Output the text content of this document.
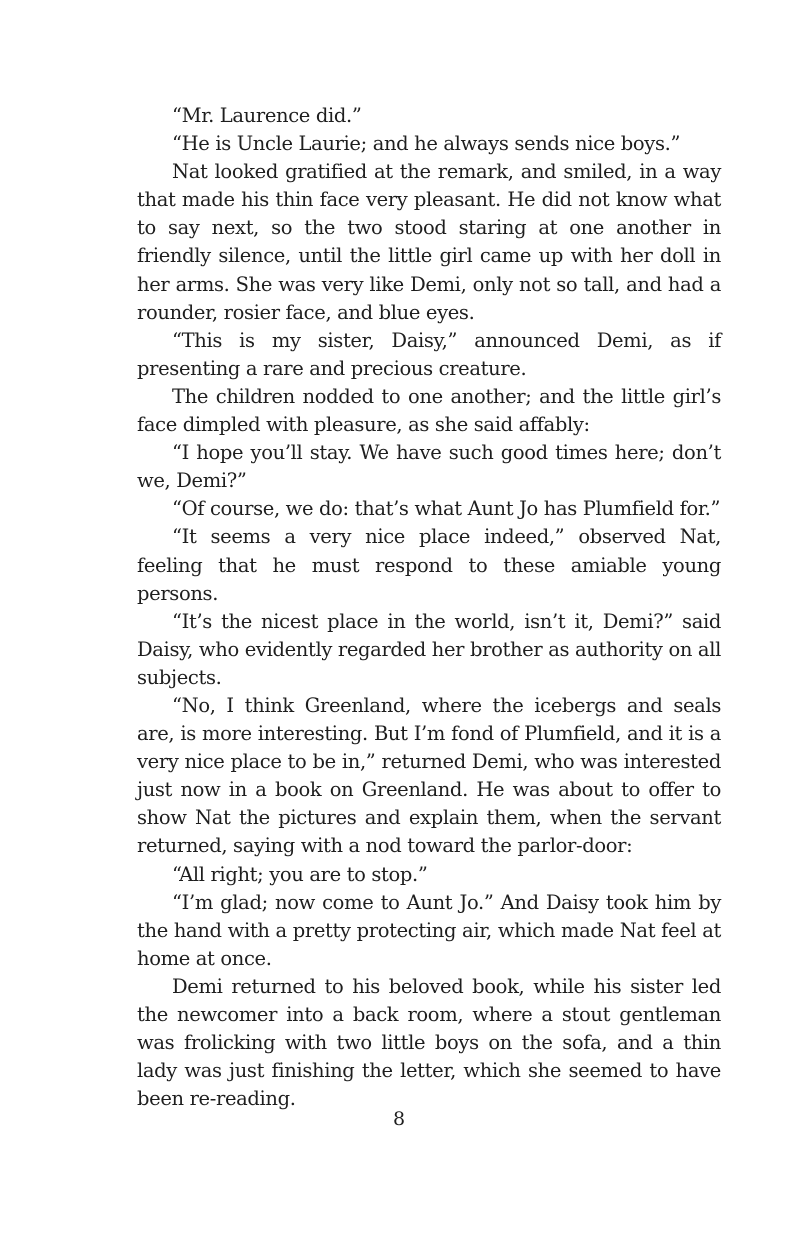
“Mr. Laurence did.”

“He is Uncle Laurie; and he always sends nice boys.”

Nat looked gratified at the remark, and smiled, in a way that made his thin face very pleasant. He did not know what to say next, so the two stood staring at one another in friendly silence, until the little girl came up with her doll in her arms. She was very like Demi, only not so tall, and had a rounder, rosier face, and blue eyes.

“This is my sister, Daisy,” announced Demi, as if presenting a rare and precious creature.

The children nodded to one another; and the little girl’s face dimpled with pleasure, as she said affably:

“I hope you’ll stay. We have such good times here; don’t we, Demi?”

“Of course, we do: that’s what Aunt Jo has Plumfield for.”

“It seems a very nice place indeed,” observed Nat, feeling that he must respond to these amiable young persons.

“It’s the nicest place in the world, isn’t it, Demi?” said Daisy, who evidently regarded her brother as authority on all subjects.

“No, I think Greenland, where the icebergs and seals are, is more interesting. But I’m fond of Plumfield, and it is a very nice place to be in,” returned Demi, who was interested just now in a book on Greenland. He was about to offer to show Nat the pictures and explain them, when the servant returned, saying with a nod toward the parlor-door:

“All right; you are to stop.”

“I’m glad; now come to Aunt Jo.” And Daisy took him by the hand with a pretty protecting air, which made Nat feel at home at once.

Demi returned to his beloved book, while his sister led the newcomer into a back room, where a stout gentleman was frolicking with two little boys on the sofa, and a thin lady was just finishing the letter, which she seemed to have been re-reading.

8
